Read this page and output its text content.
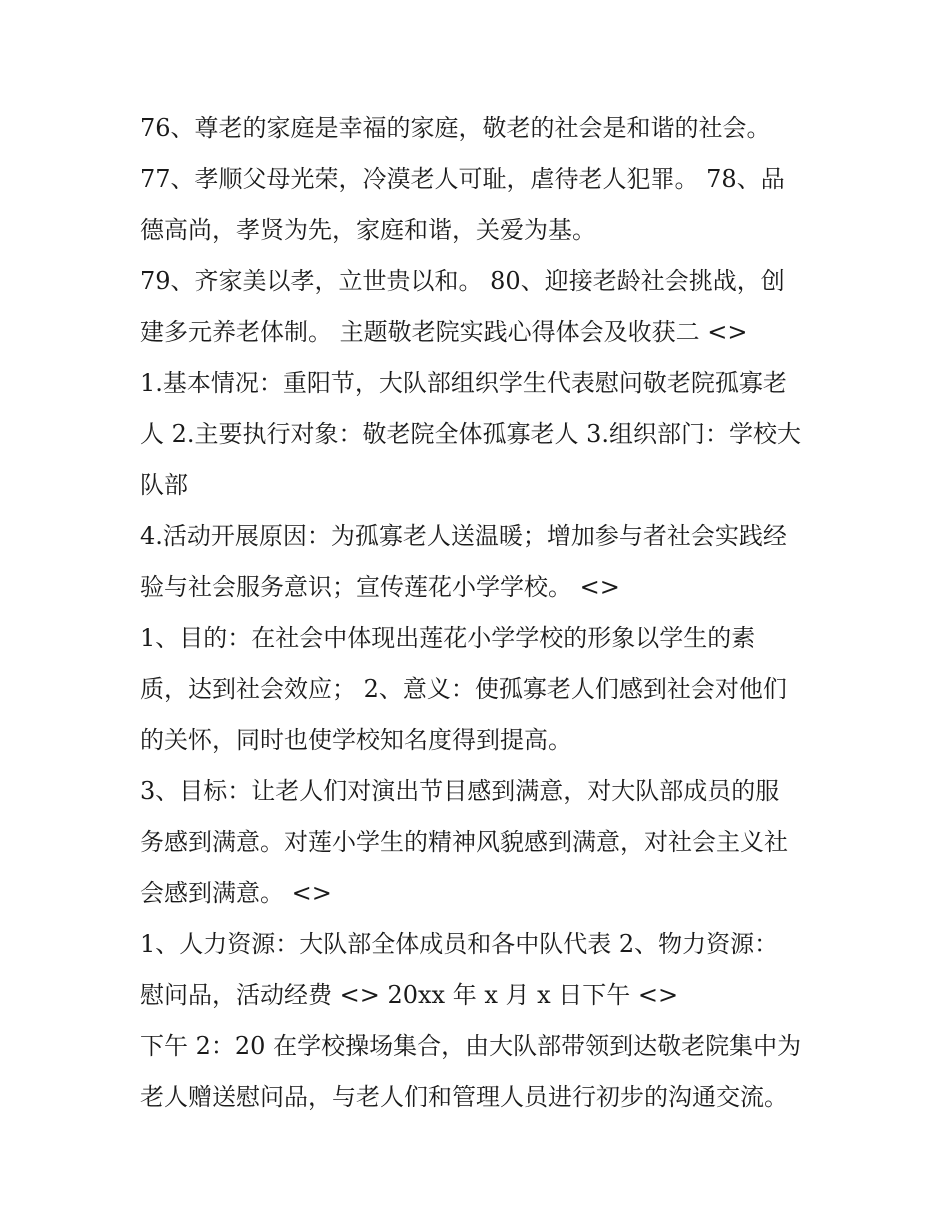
76、尊老的家庭是幸福的家庭，敬老的社会是和谐的社会。
77、孝顺父母光荣，冷漠老人可耻，虐待老人犯罪。 78、品
德高尚，孝贤为先，家庭和谐，关爱为基。
79、齐家美以孝，立世贵以和。 80、迎接老龄社会挑战，创
建多元养老体制。 主题敬老院实践心得体会及收获二 <>
1.基本情况：重阳节，大队部组织学生代表慰问敬老院孤寡老
人 2.主要执行对象：敬老院全体孤寡老人 3.组织部门：学校大
队部
4.活动开展原因：为孤寡老人送温暖；增加参与者社会实践经
验与社会服务意识；宣传莲花小学学校。 <>
1、目的：在社会中体现出莲花小学学校的形象以学生的素
质，达到社会效应； 2、意义：使孤寡老人们感到社会对他们
的关怀，同时也使学校知名度得到提高。
3、目标：让老人们对演出节目感到满意，对大队部成员的服
务感到满意。对莲小学生的精神风貌感到满意，对社会主义社
会感到满意。 <>
1、人力资源：大队部全体成员和各中队代表 2、物力资源：
慰问品，活动经费 <> 20xx 年 x 月 x 日下午 <>
下午 2：20 在学校操场集合，由大队部带领到达敬老院集中为
老人赠送慰问品，与老人们和管理人员进行初步的沟通交流。
